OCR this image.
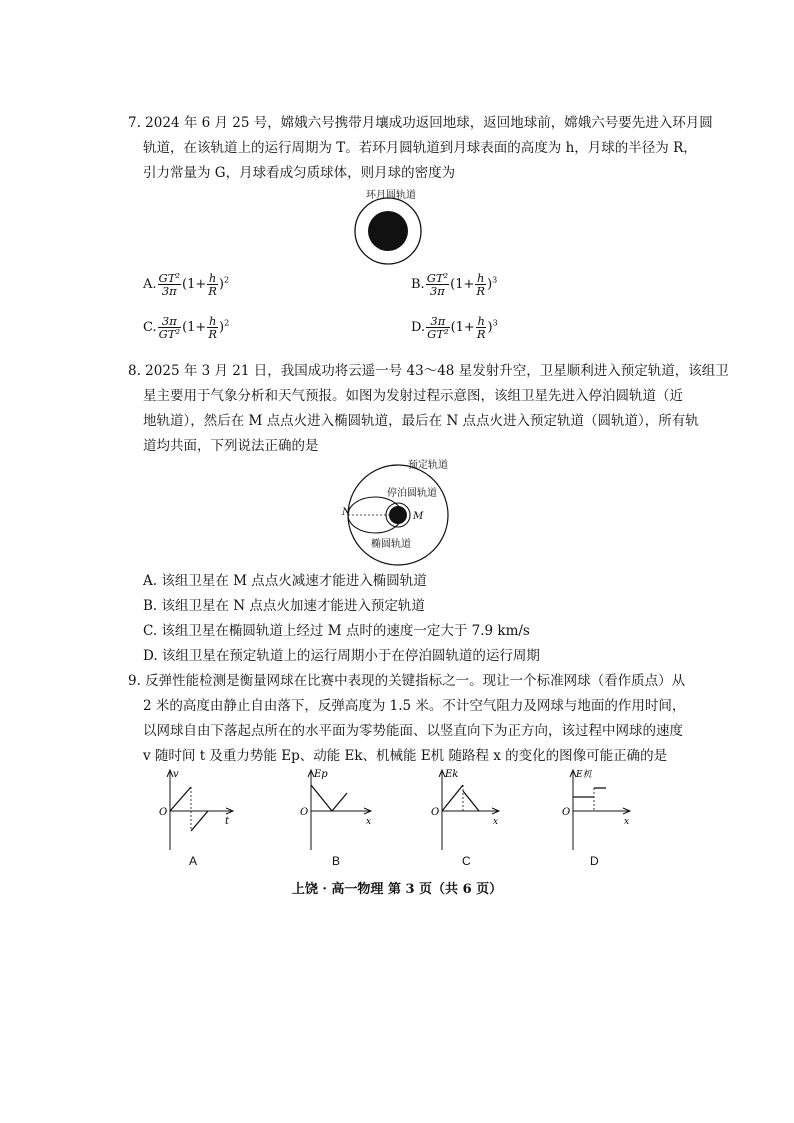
7. 2024 年 6 月 25 号，嫦娥六号携带月壤成功返回地球，返回地球前，嫦娥六号要先进入环月圆
轨道，在该轨道上的运行周期为 T。若环月圆轨道到月球表面的高度为 h，月球的半径为 R，
引力常量为 G，月球看成匀质球体，则月球的密度为
环月圆轨道
A. $\frac{\text{GT²}}{3\pi} (1+ \frac{h}{R} )^2$	B. $\frac{\text{GT²}}{3\pi} (1+ \frac{h}{R} )^3$
C. $\frac{3\pi}{\text{GT²}} (1+ \frac{h}{R} )^2$	D. $\frac{3\pi}{\text{GT²}} (1+ \frac{h}{R} )^3$
8. 2025 年 3 月 21 日，我国成功将云遥一号 43～48 星发射升空，卫星顺利进入预定轨道，该组卫
星主要用于气象分析和天气预报。如图为发射过程示意图，该组卫星先进入停泊圆轨道（近
地轨道），然后在 M 点点火进入椭圆轨道，最后在 N 点点火进入预定轨道（圆轨道），所有轨
道均共面，下列说法正确的是
预定轨道
停泊圆轨道
椭圆轨道
N	M
A. 该组卫星在 M 点点火减速才能进入椭圆轨道
B. 该组卫星在 N 点点火加速才能进入预定轨道
C. 该组卫星在椭圆轨道上经过 M 点时的速度一定大于 7.9 km/s
D. 该组卫星在预定轨道上的运行周期小于在停泊圆轨道的运行周期
9. 反弹性能检测是衡量网球在比赛中表现的关键指标之一。现让一个标准网球（看作质点）从
2 米的高度由静止自由落下，反弹高度为 1.5 米。不计空气阻力及网球与地面的作用时间，
以网球自由下落起点所在的水平面为零势能面、以竖直向下为正方向，该过程中网球的速度
v 随时间 t 及重力势能 Ep、动能 Ek、机械能 E机 随路程 x 的变化的图像可能正确的是
O
v
t
A
O
Ep
x
B
O
Ek
x
C
O
E机
x
D
上饶 · 高一物理 第 3 页（共 6 页）
